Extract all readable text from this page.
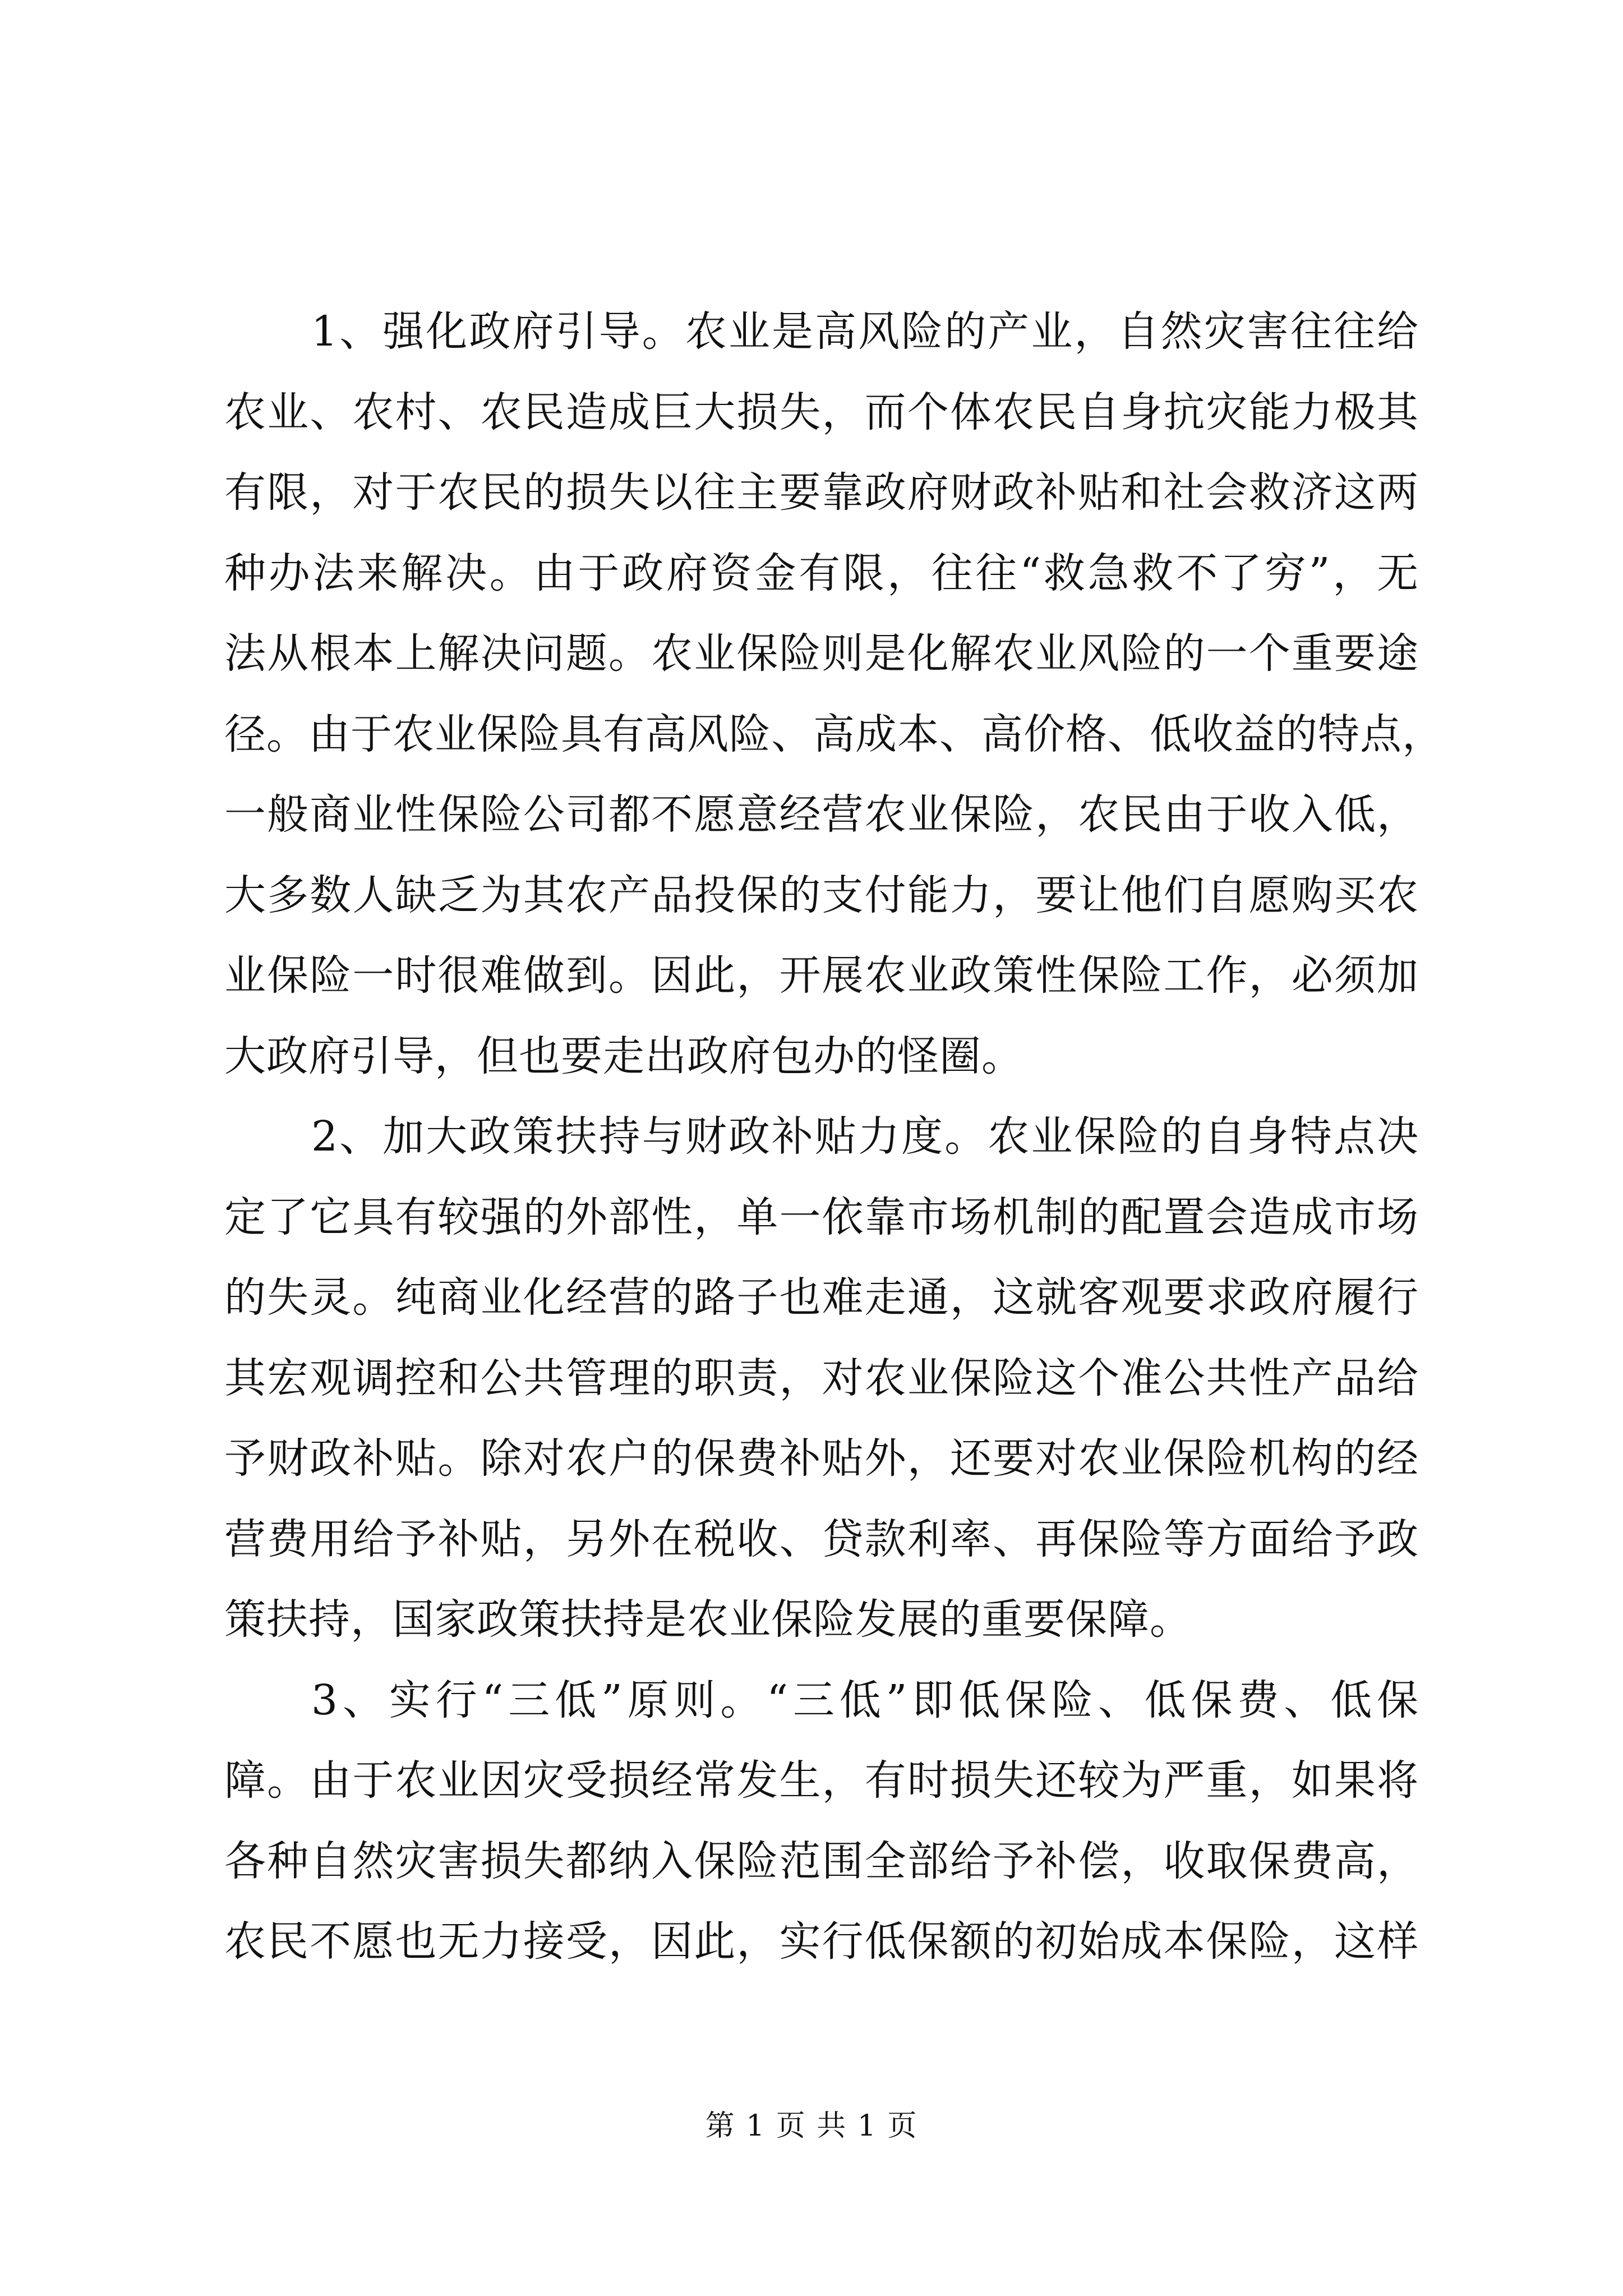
1、强化政府引导。农业是高风险的产业，自然灾害往往给
农业、农村、农民造成巨大损失，而个体农民自身抗灾能力极其
有限，对于农民的损失以往主要靠政府财政补贴和社会救济这两
种办法来解决。由于政府资金有限，往往“救急救不了穷”，无
法从根本上解决问题。农业保险则是化解农业风险的一个重要途
径。由于农业保险具有高风险、高成本、高价格、低收益的特点，
一般商业性保险公司都不愿意经营农业保险，农民由于收入低，
大多数人缺乏为其农产品投保的支付能力，要让他们自愿购买农
业保险一时很难做到。因此，开展农业政策性保险工作，必须加
大政府引导，但也要走出政府包办的怪圈。

2、加大政策扶持与财政补贴力度。农业保险的自身特点决
定了它具有较强的外部性，单一依靠市场机制的配置会造成市场
的失灵。纯商业化经营的路子也难走通，这就客观要求政府履行
其宏观调控和公共管理的职责，对农业保险这个准公共性产品给
予财政补贴。除对农户的保费补贴外，还要对农业保险机构的经
营费用给予补贴，另外在税收、贷款利率、再保险等方面给予政
策扶持，国家政策扶持是农业保险发展的重要保障。

3、实行“三低”原则。“三低”即低保险、低保费、低保
障。由于农业因灾受损经常发生，有时损失还较为严重，如果将
各种自然灾害损失都纳入保险范围全部给予补偿，收取保费高，
农民不愿也无力接受，因此，实行低保额的初始成本保险，这样

第 1 页 共 1 页
